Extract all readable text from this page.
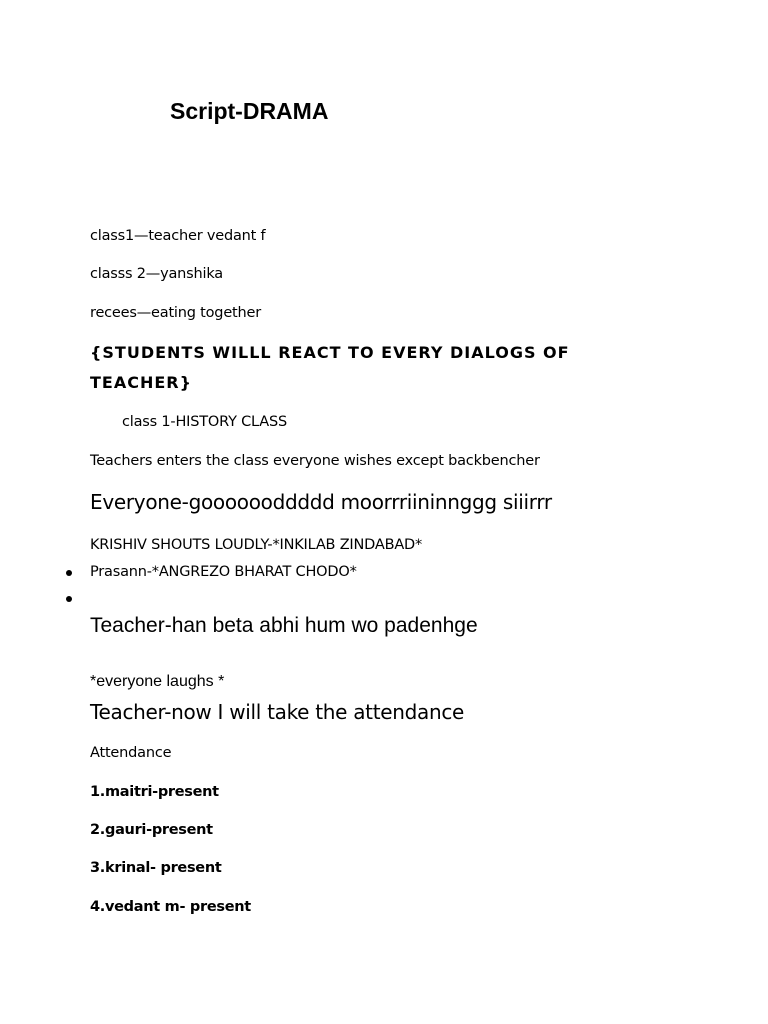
Script-DRAMA
class1—teacher vedant f
classs 2—yanshika
recees—eating together
{STUDENTS WILLL REACT TO EVERY DIALOGS OF
TEACHER}
class 1-HISTORY CLASS
Teachers enters the class everyone wishes except backbencher
Everyone-gooooooddddd moorrriininnggg siiirrr
KRISHIV SHOUTS LOUDLY-*INKILAB ZINDABAD*
Prasann-*ANGREZO BHARAT CHODO*
Teacher-han beta abhi hum wo padenhge
*everyone laughs *
Teacher-now I will take the attendance
Attendance
1.maitri-present
2.gauri-present
3.krinal- present
4.vedant m- present
